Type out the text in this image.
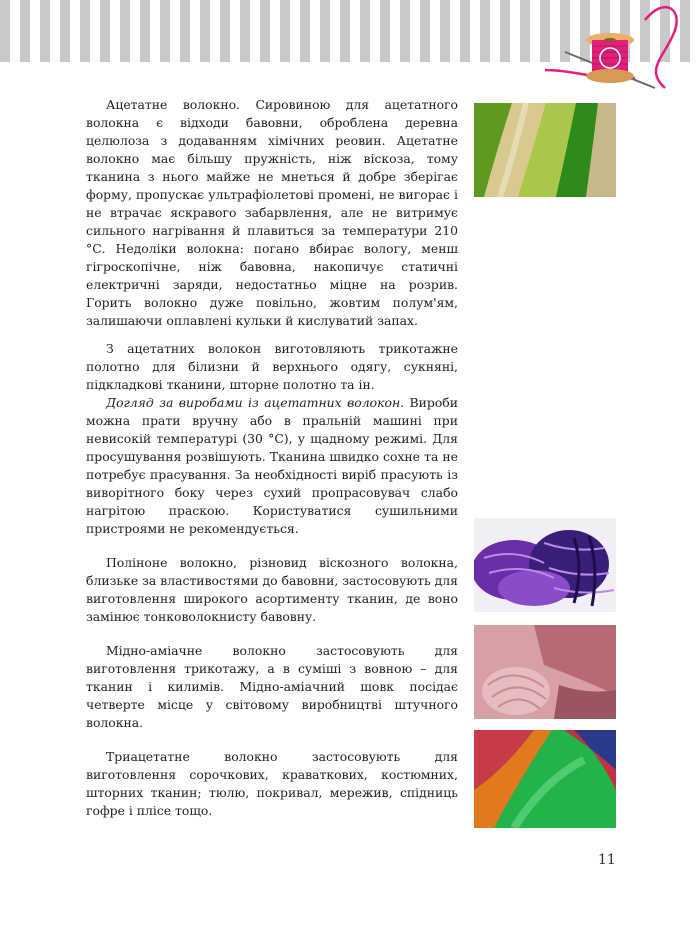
Ацетатне волокно. Сировиною для ацетатного волокна є відходи бавовни, оброблена деревна целюлоза з додаванням хімічних реовин. Ацетатне волокно має більшу пружність, ніж віскоза, тому тканина з нього майже не мнеться й добре зберігає форму, пропускає ультрафіолетові промені, не вигорає і не втрачає яскравого забарвлення, але не витримує сильного нагрівання й плавиться за температури 210 °С. Недоліки волокна: погано вбирає вологу, менш гігроскопічне, ніж бавовна, накопичує статичні електричні заряди, недостатньо міцне на розрив. Горить волокно дуже повільно, жовтим полум'ям, залишаючи оплавлені кульки й кислуватий запах.

З ацетатних волокон виготовляють трикотажне полотно для білизни й верхнього одягу, сукняні, підкладкові тканини, шторне полотно та ін.

Догляд за виробами із ацетатних волокон. Вироби можна прати вручну або в пральній машині при невисокій температурі (30 °С), у щадному режимі. Для просушування розвішують. Тканина швидко сохне та не потребує прасування. За необхідності виріб прасують із виворітного боку через сухий пропрасовувач слабо нагрітою праскою. Користуватися сушильними пристроями не рекомендується.

Поліноне волокно, різновид віскозного волокна, близьке за властивостями до бавовни, застосовують для виготовлення широкого асортименту тканин, де воно замінює тонковолокнисту бавовну.

Мідно-аміачне волокно застосовують для виготовлення трикотажу, а в суміші з вовною – для тканин і килимів. Мідно-аміачний шовк посідає четверте місце у світовому виробництві штучного волокна.

Триацетатне волокно застосовують для виготовлення сорочкових, краваткових, костюмних, шторних тканин; тюлю, покривал, мережив, спідниць гофре і плісе тощо.

11
